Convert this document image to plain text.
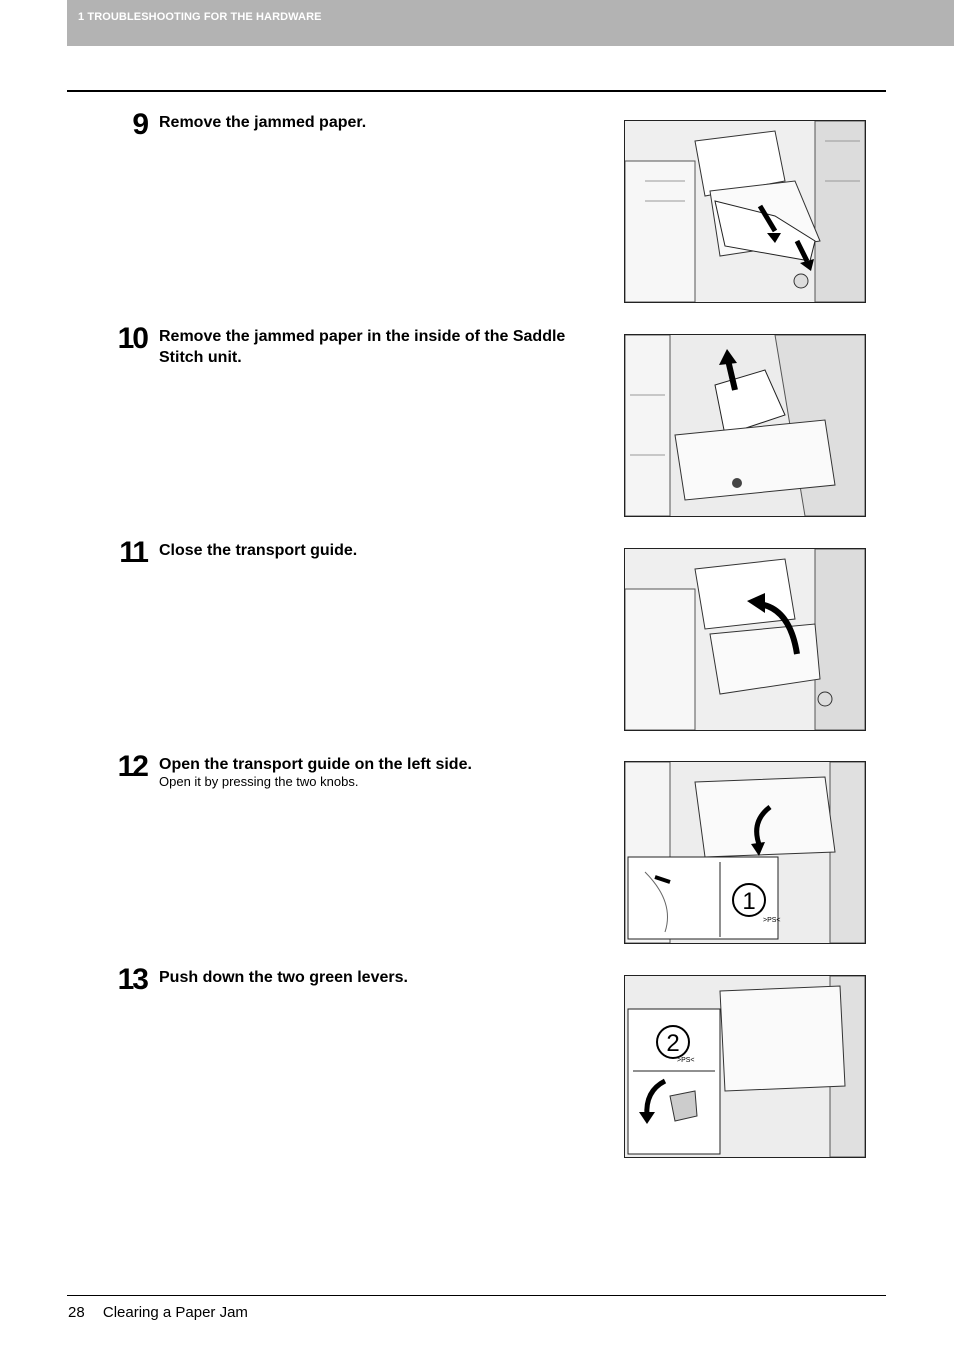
1 TROUBLESHOOTING FOR THE HARDWARE
9 Remove the jammed paper.
10 Remove the jammed paper in the inside of the Saddle Stitch unit.
11 Close the transport guide.
12 Open the transport guide on the left side.
Open it by pressing the two knobs.
1
>PS<
13 Push down the two green levers.
2
>PS<
28 Clearing a Paper Jam
